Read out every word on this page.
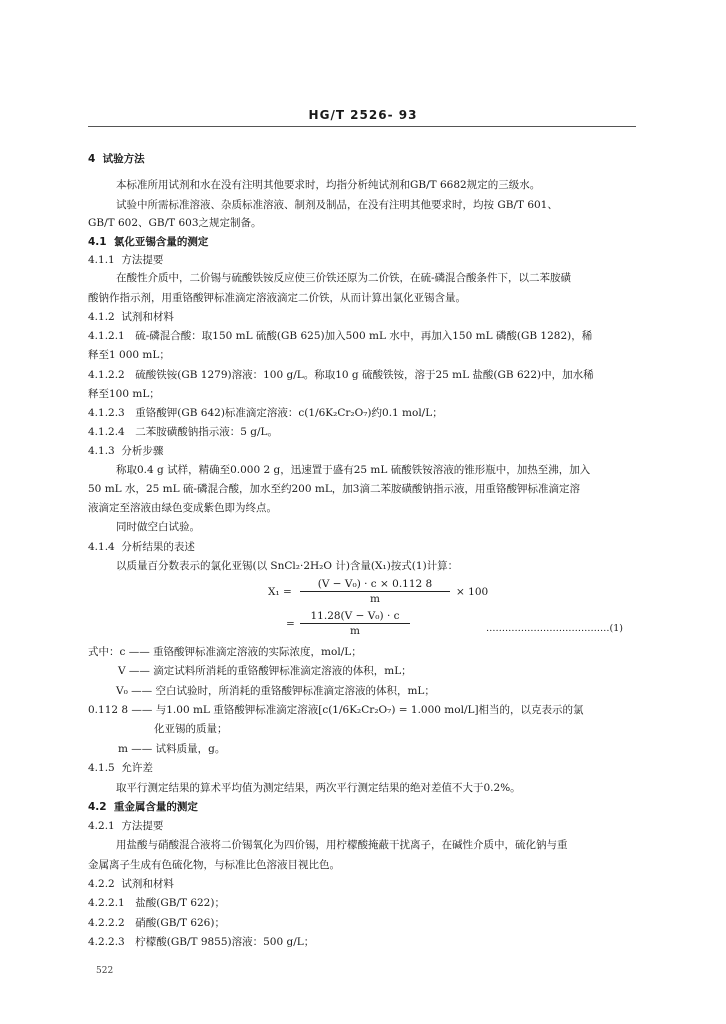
HG/T 2526- 93
4 试验方法
本标准所用试剂和水在没有注明其他要求时，均指分析纯试剂和GB/T 6682规定的三级水。
试验中所需标准溶液、杂质标准溶液、制剂及制品，在没有注明其他要求时，均按 GB/T 601、
GB/T 602、GB/T 603之规定制备。
4.1 氯化亚锡含量的测定
4.1.1 方法提要
在酸性介质中，二价锡与硫酸铁铵反应使三价铁还原为二价铁，在硫-磷混合酸条件下，以二苯胺磺
酸钠作指示剂，用重铬酸钾标准滴定溶液滴定二价铁，从而计算出氯化亚锡含量。
4.1.2 试剂和材料
4.1.2.1　硫-磷混合酸：取150 mL 硫酸(GB 625)加入500 mL 水中，再加入150 mL 磷酸(GB 1282)，稀
释至1 000 mL；
4.1.2.2　硫酸铁铵(GB 1279)溶液：100 g/L。称取10 g 硫酸铁铵，溶于25 mL 盐酸(GB 622)中，加水稀
释至100 mL；
4.1.2.3　重铬酸钾(GB 642)标准滴定溶液：c(1/6K₂Cr₂O₇)约0.1 mol/L；
4.1.2.4　二苯胺磺酸钠指示液：5 g/L。
4.1.3 分析步骤
称取0.4 g 试样，精确至0.000 2 g，迅速置于盛有25 mL 硫酸铁铵溶液的锥形瓶中，加热至沸，加入
50 mL 水，25 mL 硫-磷混合酸，加水至约200 mL，加3滴二苯胺磺酸钠指示液，用重铬酸钾标准滴定溶
液滴定至溶液由绿色变成紫色即为终点。
同时做空白试验。
4.1.4 分析结果的表述
以质量百分数表示的氯化亚锡(以 SnCl₂·2H₂O 计)含量(X₁)按式(1)计算：
$X_1 = \frac{\text{(V − V₀) · c × 0.112 8}}{m} \times 100$
= $\frac{\text{11.28(V − V₀) · c}}{m}$	…………………………………(1)
式中：c —— 重铬酸钾标准滴定溶液的实际浓度，mol/L；
V —— 滴定试料所消耗的重铬酸钾标准滴定溶液的体积，mL；
V₀ —— 空白试验时，所消耗的重铬酸钾标准滴定溶液的体积，mL；
0.112 8 —— 与1.00 mL 重铬酸钾标准滴定溶液[c(1/6K₂Cr₂O₇) = 1.000 mol/L]相当的，以克表示的氯
化亚锡的质量；
m —— 试料质量，g。
4.1.5 允许差
取平行测定结果的算术平均值为测定结果，两次平行测定结果的绝对差值不大于0.2%。
4.2 重金属含量的测定
4.2.1 方法提要
用盐酸与硝酸混合液将二价锡氧化为四价锡，用柠檬酸掩蔽干扰离子，在碱性介质中，硫化钠与重
金属离子生成有色硫化物，与标准比色溶液目视比色。
4.2.2 试剂和材料
4.2.2.1　盐酸(GB/T 622)；
4.2.2.2　硝酸(GB/T 626)；
4.2.2.3　柠檬酸(GB/T 9855)溶液：500 g/L；
522
